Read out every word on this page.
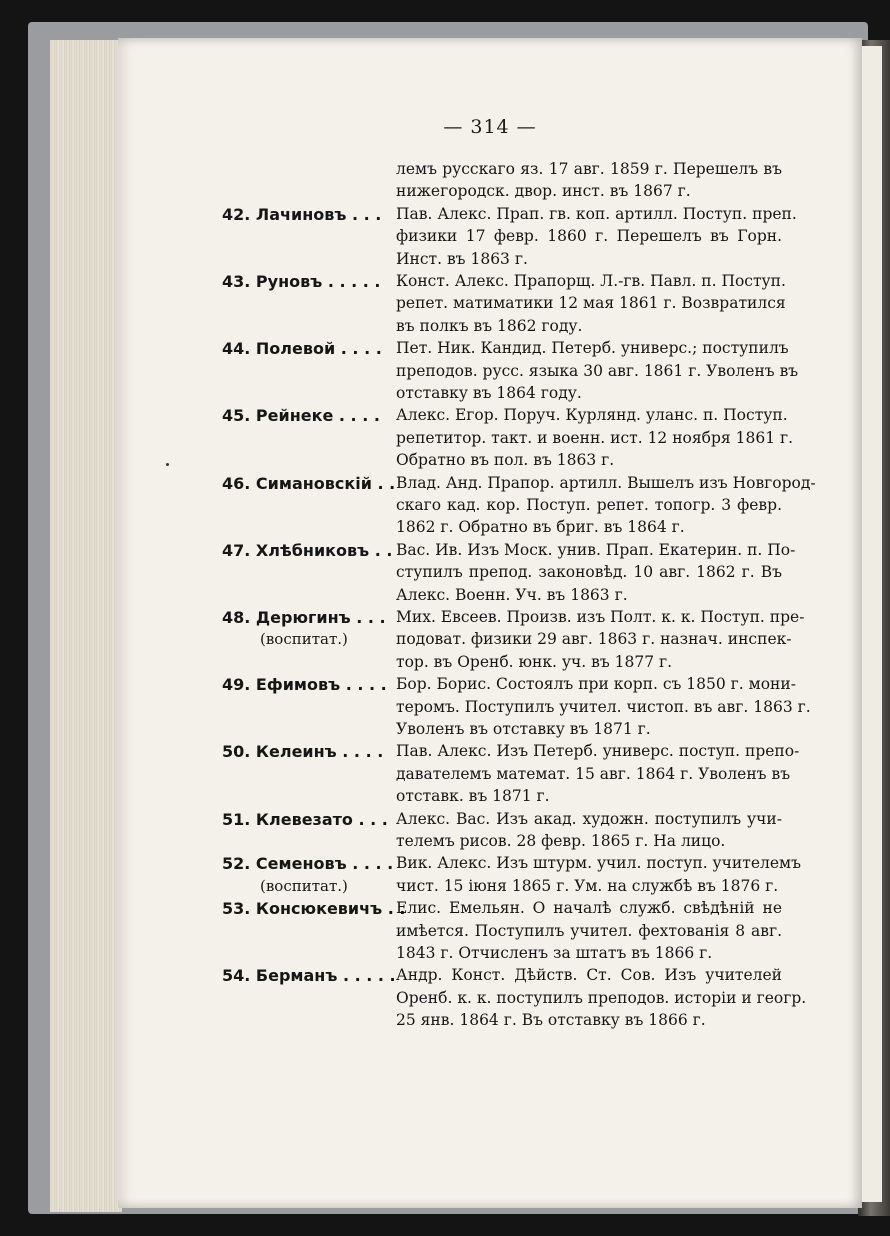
— 314 —
лемъ русскаго яз. 17 авг. 1859 г. Перешелъ въ
нижегородск. двор. инст. въ 1867 г.
42. Лачиновъ . . . Пав. Алекс. Прап. гв. коп. артилл. Поступ. преп.
физики 17 февр. 1860 г. Перешелъ въ Горн.
Инст. въ 1863 г.
43. Руновъ . . . . . Конст. Алекс. Прапорщ. Л.-гв. Павл. п. Поступ.
репет. матиматики 12 мая 1861 г. Возвратился
въ полкъ въ 1862 году.
44. Полевой . . . . Пет. Ник. Кандид. Петерб. универс.; поступилъ
преподов. русс. языка 30 авг. 1861 г. Уволенъ въ
отставку въ 1864 году.
45. Рейнеке . . . . Алекс. Егор. Поруч. Курлянд. уланс. п. Поступ.
репетитор. такт. и военн. ист. 12 ноября 1861 г.
Обратно въ пол. въ 1863 г.
46. Симановскій . . Влад. Анд. Прапор. артилл. Вышелъ изъ Новгород-
скаго кад. кор. Поступ. репет. топогр. 3 февр.
1862 г. Обратно въ бриг. въ 1864 г.
47. Хлѣбниковъ . . Вас. Ив. Изъ Моск. унив. Прап. Екатерин. п. По-
ступилъ препод. законовѣд. 10 авг. 1862 г. Въ
Алекс. Военн. Уч. въ 1863 г.
48. Дерюгинъ . . .
(воспитат.)
Мих. Евсеев. Произв. изъ Полт. к. к. Поступ. пре-
подоват. физики 29 авг. 1863 г. назнач. инспек-
тор. въ Оренб. юнк. уч. въ 1877 г.
49. Ефимовъ . . . . Бор. Борис. Состоялъ при корп. съ 1850 г. мони-
теромъ. Поступилъ учител. чистоп. въ авг. 1863 г.
Уволенъ въ отставку въ 1871 г.
50. Келеинъ . . . . Пав. Алекс. Изъ Петерб. универс. поступ. препо-
давателемъ математ. 15 авг. 1864 г. Уволенъ въ
отставк. въ 1871 г.
51. Клевезато . . . Алекс. Вас. Изъ акад. художн. поступилъ учи-
телемъ рисов. 28 февр. 1865 г. На лицо.
52. Семеновъ . . . .
(воспитат.)
Вик. Алекс. Изъ штурм. учил. поступ. учителемъ
чист. 15 іюня 1865 г. Ум. на службѣ въ 1876 г.
53. Консюкевичъ . .
Елис. Емельян. О началѣ служб. свѣдѣній не
имѣется. Поступилъ учител. фехтованія 8 авг.
1843 г. Отчисленъ за штатъ въ 1866 г.
54. Берманъ . . . . . Андр. Конст. Дѣйств. Ст. Сов. Изъ учителей
Оренб. к. к. поступилъ преподов. исторіи и геогр.
25 янв. 1864 г. Въ отставку въ 1866 г.
